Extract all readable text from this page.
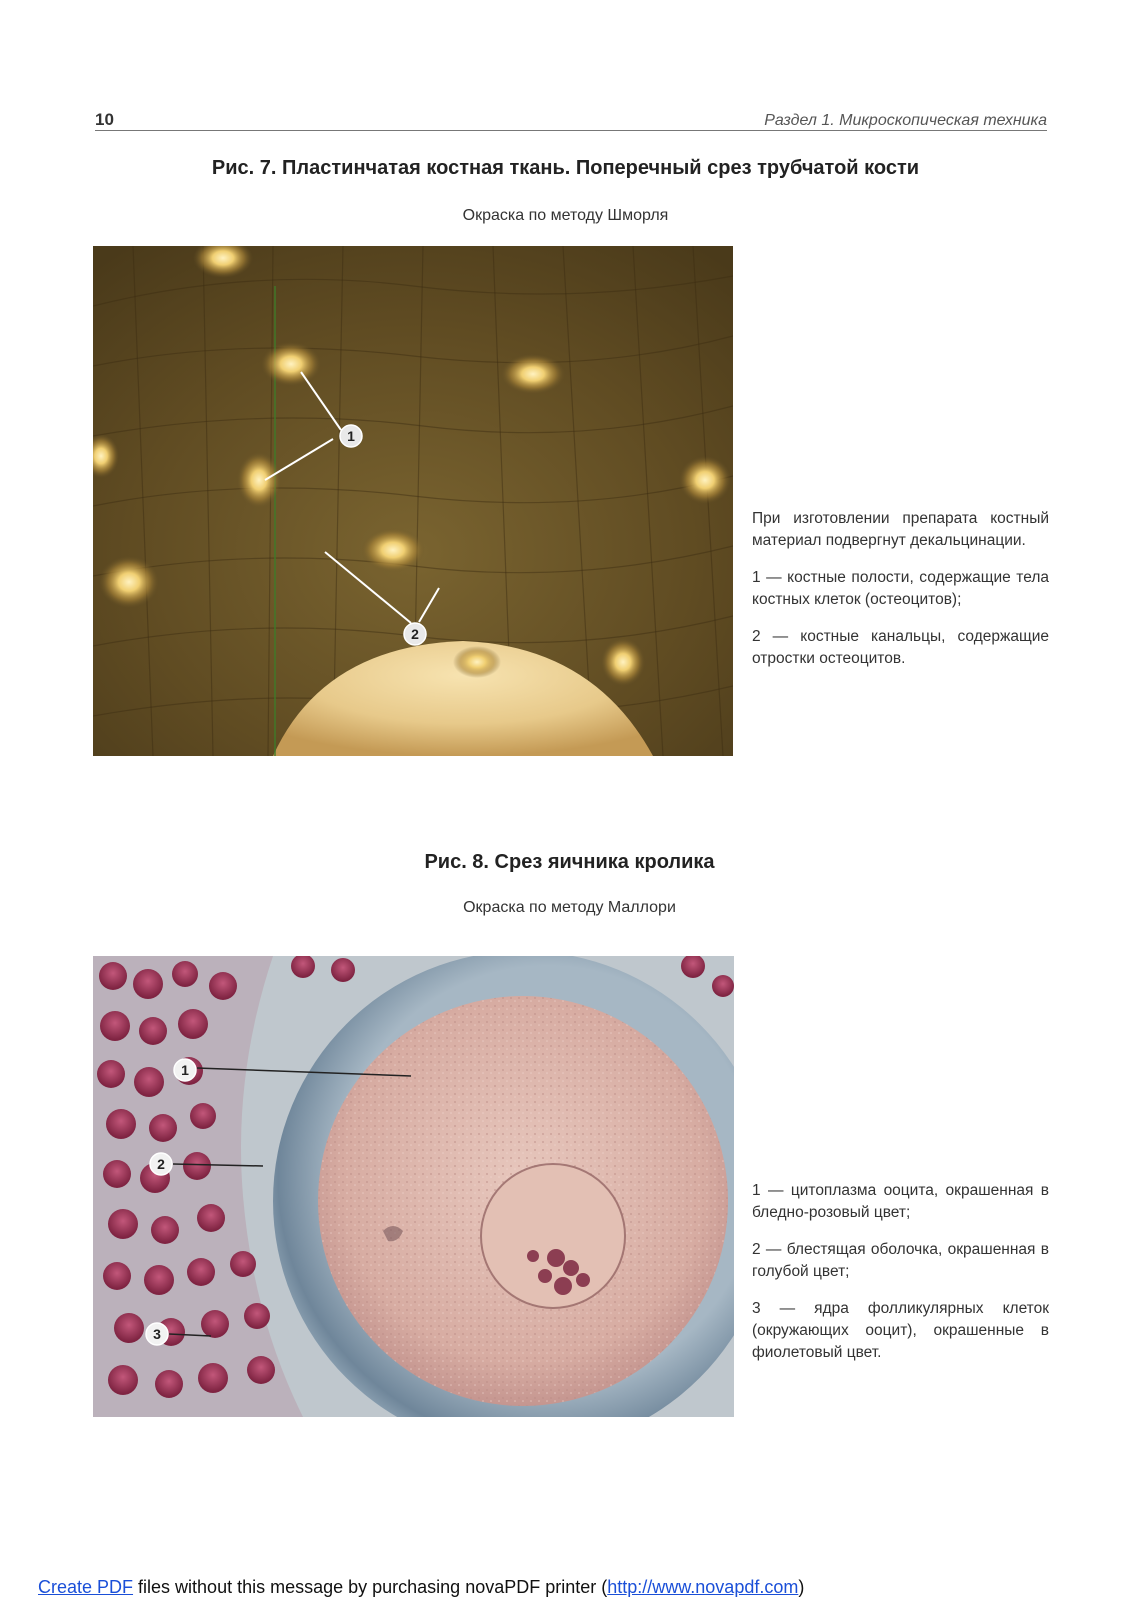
10	Раздел 1. Микроскопическая техника
Рис. 7. Пластинчатая костная ткань. Поперечный срез трубчатой кости
Окраска по методу Шморля
1
2

При изготовлении препарата костный материал подвергнут декальцинации.

1 — костные полости, содержащие тела костных клеток (остеоцитов);

2 — костные канальцы, содержащие отростки остеоцитов.

Рис. 8. Срез яичника кролика
Окраска по методу Маллори
1
2
3

1 — цитоплазма ооцита, окрашенная в бледно-розовый цвет;

2 — блестящая оболочка, окрашенная в голубой цвет;

3 — ядра фолликулярных клеток (окружающих ооцит), окрашенные в фиолетовый цвет.

Create PDF files without this message by purchasing novaPDF printer (http://www.novapdf.com)
